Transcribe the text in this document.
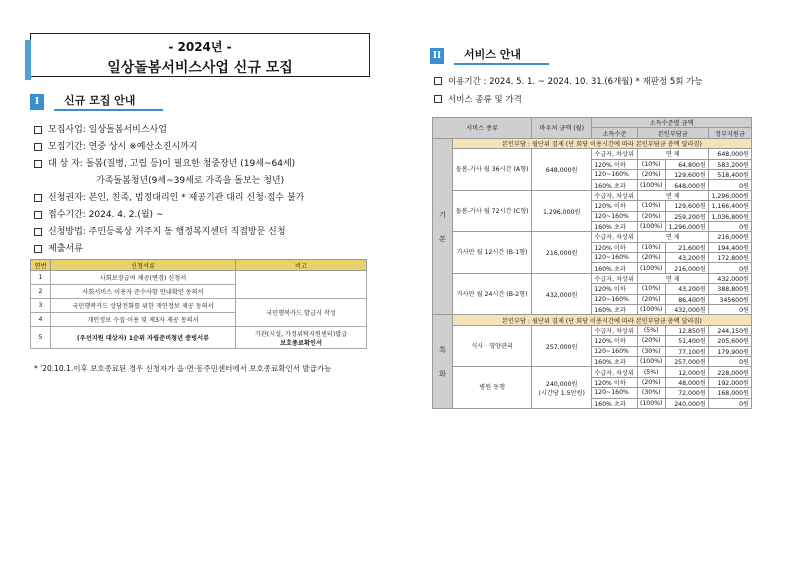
- 2024년 -
일상돌봄서비스사업 신규 모집
I	신규 모집 안내
모집사업: 일상돌봄서비스사업
모집기간: 연중 상시 ※예산소진시까지
대 상 자: 돌봄(질병, 고립 등)이 필요한 청중장년 (19세~64세)
가족돌봄청년(9세~39세로 가족을 돌보는 청년)
신청권자: 본인, 친족, 법정대리인 * 제공기관 대리 신청·접수 불가
접수기간: 2024. 4. 2.(월) ~
신청방법: 주민등록상 거주지 동 행정복지센터 직접방문 신청
제출서류
연번	신청서류	비고
1	사회보장급여 제공(변경) 신청서	
2	사회서비스 이용자 준수사항 안내확인 동의서	
3	국민행복카드 상담전화를 위한 개인정보 제공 동의서	국민행복카드 발급시 작성
4	개인정보 수집·이용 및 제3자 제공 동의서	
5	(우선지원 대상자) 1순위 자립준비청년 증빙서류	기관(시설, 가정위탁지원센터)발급
보호종료확인서
* '20.10.1.이후 보호종료된 경우 신청자가 읍·면·동주민센터에서 보호종료확인서 발급가능
II	서비스 안내
이용기간 : 2024. 5. 1. ~ 2024. 10. 31.(6개월) * 재판정 5회 가능
서비스 종류 및 가격
서비스 종류		바우처 금액 (월)	소득수준별 금액			
			소득수준	본인부담금		정부지원금
기

본	본인부담 : 월단위 결제 (단 회당 이용시간에 따라 본인부담금 총액 달라짐)					
	돌봄-가사 월 36시간 (A형)	648,000원	수급자, 차상위	면 제		648,000원
			120% 이하	(10%)	64,800원	583,200원
			120~160%	(20%)	129,600원	518,400원
			160% 초과	(100%)	648,000원	0원
	돌봄-가사 월 72시간 (C형)	1,296,000원	수급자, 차상위	면 제		1,296,000원
			120% 이하	(10%)	129,600원	1,166,400원
			120~160%	(20%)	259,200원	1,036,800원
			160% 초과	(100%)	1,296,000원	0원
	가사만 월 12시간 (B-1형)	216,000원	수급자, 차상위	면 제		216,000원
			120% 이하	(10%)	21,600원	194,400원
			120~160%	(20%)	43,200원	172,800원
			160% 초과	(100%)	216,000원	0원
	가사만 월 24시간 (B-2형)	432,000원	수급자, 차상위	면 제		432,000원
			120% 이하	(10%)	43,200원	388,800원
			120~160%	(20%)	86,400원	345600원
			160% 초과	(100%)	432,000원	0원
특

화	본인부담 : 월단위 결제 (단 회당 이용시간에 따라 본인부담금 총액 달라짐)					
	식사 · 영양관리	257,000원	수급자, 차상위	(5%)	12,850원	244,150원
			120% 이하	(20%)	51,400원	205,600원
			120~160%	(30%)	77,100원	179,900원
			160% 초과	(100%)	257,000원	0원
	병원 동행	240,000원
(시간당 1.5만원)	수급자, 차상위	(5%)	12,000원	228,000원
			120% 이하	(20%)	48,000원	192,000원
			120~160%	(30%)	72,000원	168,000원
			160% 초과	(100%)	240,000원	0원
